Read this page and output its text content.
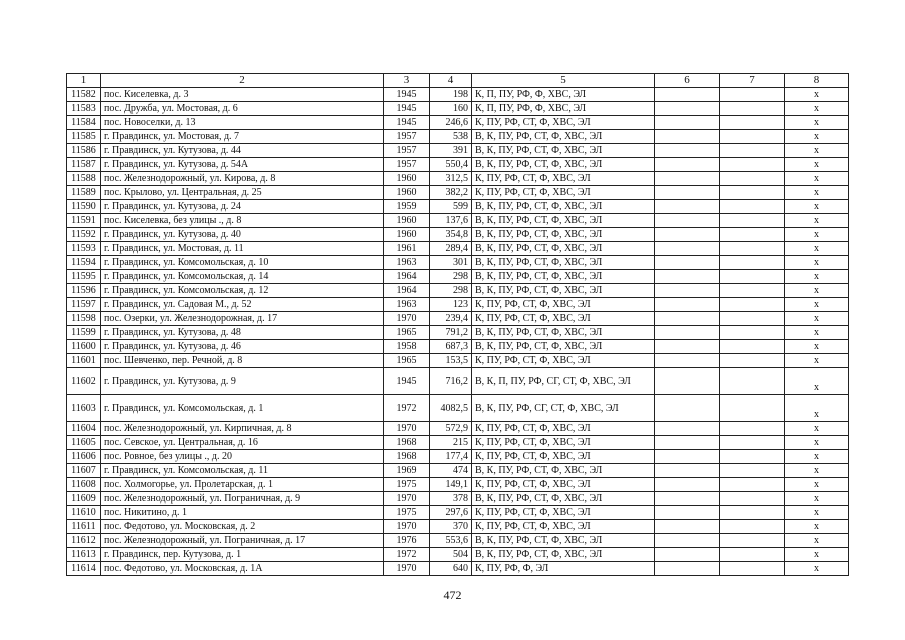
1	2	3	4	5	6	7	8
11582	пос. Киселевка, д. 3	1945	198	К, П, ПУ, РФ, Ф, ХВС, ЭЛ			х
11583	пос. Дружба, ул. Мостовая, д. 6	1945	160	К, П, ПУ, РФ, Ф, ХВС, ЭЛ			х
11584	пос. Новоселки, д. 13	1945	246,6	К, ПУ, РФ, СТ, Ф, ХВС, ЭЛ			х
11585	г. Правдинск, ул. Мостовая, д. 7	1957	538	В, К, ПУ, РФ, СТ, Ф, ХВС, ЭЛ			х
11586	г. Правдинск, ул. Кутузова, д. 44	1957	391	В, К, ПУ, РФ, СТ, Ф, ХВС, ЭЛ			х
11587	г. Правдинск, ул. Кутузова, д. 54А	1957	550,4	В, К, ПУ, РФ, СТ, Ф, ХВС, ЭЛ			х
11588	пос. Железнодорожный, ул. Кирова, д. 8	1960	312,5	К, ПУ, РФ, СТ, Ф, ХВС, ЭЛ			х
11589	пос. Крылово, ул. Центральная, д. 25	1960	382,2	К, ПУ, РФ, СТ, Ф, ХВС, ЭЛ			х
11590	г. Правдинск, ул. Кутузова, д. 24	1959	599	В, К, ПУ, РФ, СТ, Ф, ХВС, ЭЛ			х
11591	пос. Киселевка, без улицы ., д. 8	1960	137,6	В, К, ПУ, РФ, СТ, Ф, ХВС, ЭЛ			х
11592	г. Правдинск, ул. Кутузова, д. 40	1960	354,8	В, К, ПУ, РФ, СТ, Ф, ХВС, ЭЛ			х
11593	г. Правдинск, ул. Мостовая, д. 11	1961	289,4	В, К, ПУ, РФ, СТ, Ф, ХВС, ЭЛ			х
11594	г. Правдинск, ул. Комсомольская, д. 10	1963	301	В, К, ПУ, РФ, СТ, Ф, ХВС, ЭЛ			х
11595	г. Правдинск, ул. Комсомольская, д. 14	1964	298	В, К, ПУ, РФ, СТ, Ф, ХВС, ЭЛ			х
11596	г. Правдинск, ул. Комсомольская, д. 12	1964	298	В, К, ПУ, РФ, СТ, Ф, ХВС, ЭЛ			х
11597	г. Правдинск, ул. Садовая М., д. 52	1963	123	К, ПУ, РФ, СТ, Ф, ХВС, ЭЛ			х
11598	пос. Озерки, ул. Железнодорожная, д. 17	1970	239,4	К, ПУ, РФ, СТ, Ф, ХВС, ЭЛ			х
11599	г. Правдинск, ул. Кутузова, д. 48	1965	791,2	В, К, ПУ, РФ, СТ, Ф, ХВС, ЭЛ			х
11600	г. Правдинск, ул. Кутузова, д. 46	1958	687,3	В, К, ПУ, РФ, СТ, Ф, ХВС, ЭЛ			х
11601	пос. Шевченко, пер. Речной, д. 8	1965	153,5	К, ПУ, РФ, СТ, Ф, ХВС, ЭЛ			х
11602	г. Правдинск, ул. Кутузова, д. 9	1945	716,2	В, К, П, ПУ, РФ, СГ, СТ, Ф, ХВС, ЭЛ			х
11603	г. Правдинск, ул. Комсомольская, д. 1	1972	4082,5	В, К, ПУ, РФ, СГ, СТ, Ф, ХВС, ЭЛ			х
11604	пос. Железнодорожный, ул. Кирпичная, д. 8	1970	572,9	К, ПУ, РФ, СТ, Ф, ХВС, ЭЛ			х
11605	пос. Севское, ул. Центральная, д. 16	1968	215	К, ПУ, РФ, СТ, Ф, ХВС, ЭЛ			х
11606	пос. Ровное, без улицы ., д. 20	1968	177,4	К, ПУ, РФ, СТ, Ф, ХВС, ЭЛ			х
11607	г. Правдинск, ул. Комсомольская, д. 11	1969	474	В, К, ПУ, РФ, СТ, Ф, ХВС, ЭЛ			х
11608	пос. Холмогорье, ул. Пролетарская, д. 1	1975	149,1	К, ПУ, РФ, СТ, Ф, ХВС, ЭЛ			х
11609	пос. Железнодорожный, ул. Пограничная, д. 9	1970	378	В, К, ПУ, РФ, СТ, Ф, ХВС, ЭЛ			х
11610	пос. Никитино, д. 1	1975	297,6	К, ПУ, РФ, СТ, Ф, ХВС, ЭЛ			х
11611	пос. Федотово, ул. Московская, д. 2	1970	370	К, ПУ, РФ, СТ, Ф, ХВС, ЭЛ			х
11612	пос. Железнодорожный, ул. Пограничная, д. 17	1976	553,6	В, К, ПУ, РФ, СТ, Ф, ХВС, ЭЛ			х
11613	г. Правдинск, пер. Кутузова, д. 1	1972	504	В, К, ПУ, РФ, СТ, Ф, ХВС, ЭЛ			х
11614	пос. Федотово, ул. Московская, д. 1А	1970	640	К, ПУ, РФ, Ф, ЭЛ			х
472
